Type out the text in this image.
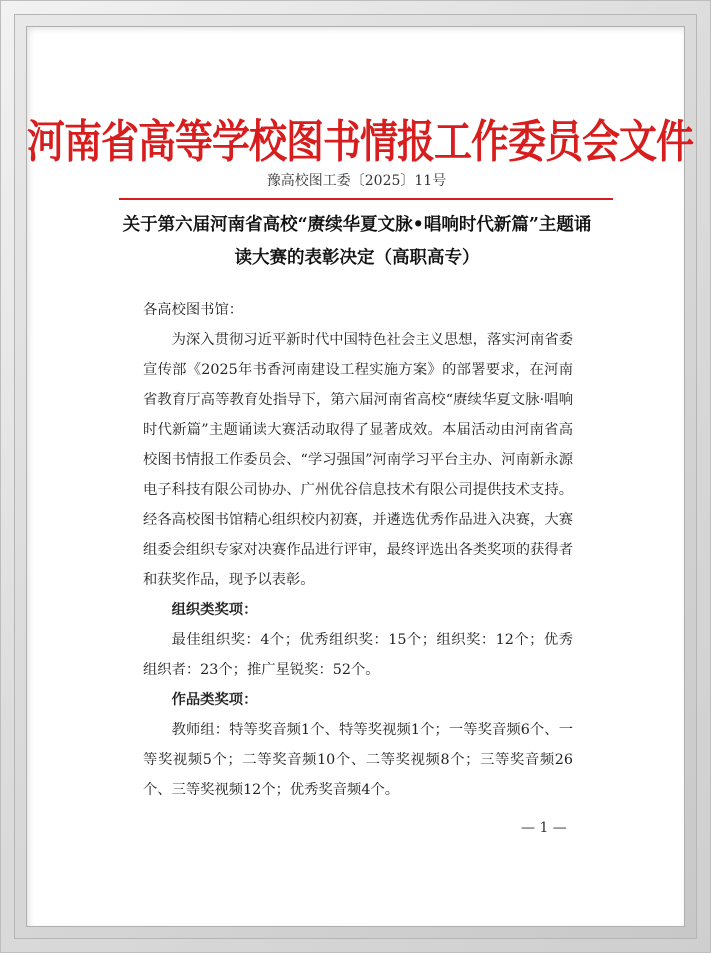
河南省高等学校图书情报工作委员会文件
豫高校图工委〔2025〕11号
关于第六届河南省高校“赓续华夏文脉•唱响时代新篇”主题诵读大赛的表彰决定（高职高专）

各高校图书馆：

为深入贯彻习近平新时代中国特色社会主义思想，落实河南省委宣传部《2025年书香河南建设工程实施方案》的部署要求，在河南省教育厅高等教育处指导下，第六届河南省高校“赓续华夏文脉·唱响时代新篇”主题诵读大赛活动取得了显著成效。本届活动由河南省高校图书情报工作委员会、“学习强国”河南学习平台主办、河南新永源电子科技有限公司协办、广州优谷信息技术有限公司提供技术支持。经各高校图书馆精心组织校内初赛，并遴选优秀作品进入决赛，大赛组委会组织专家对决赛作品进行评审，最终评选出各类奖项的获得者和获奖作品，现予以表彰。

组织类奖项：

最佳组织奖：4个；优秀组织奖：15个；组织奖：12个；优秀组织者：23个；推广星锐奖：52个。

作品类奖项：

教师组：特等奖音频1个、特等奖视频1个；一等奖音频6个、一等奖视频5个；二等奖音频10个、二等奖视频8个；三等奖音频26个、三等奖视频12个；优秀奖音频4个。

— 1 —
